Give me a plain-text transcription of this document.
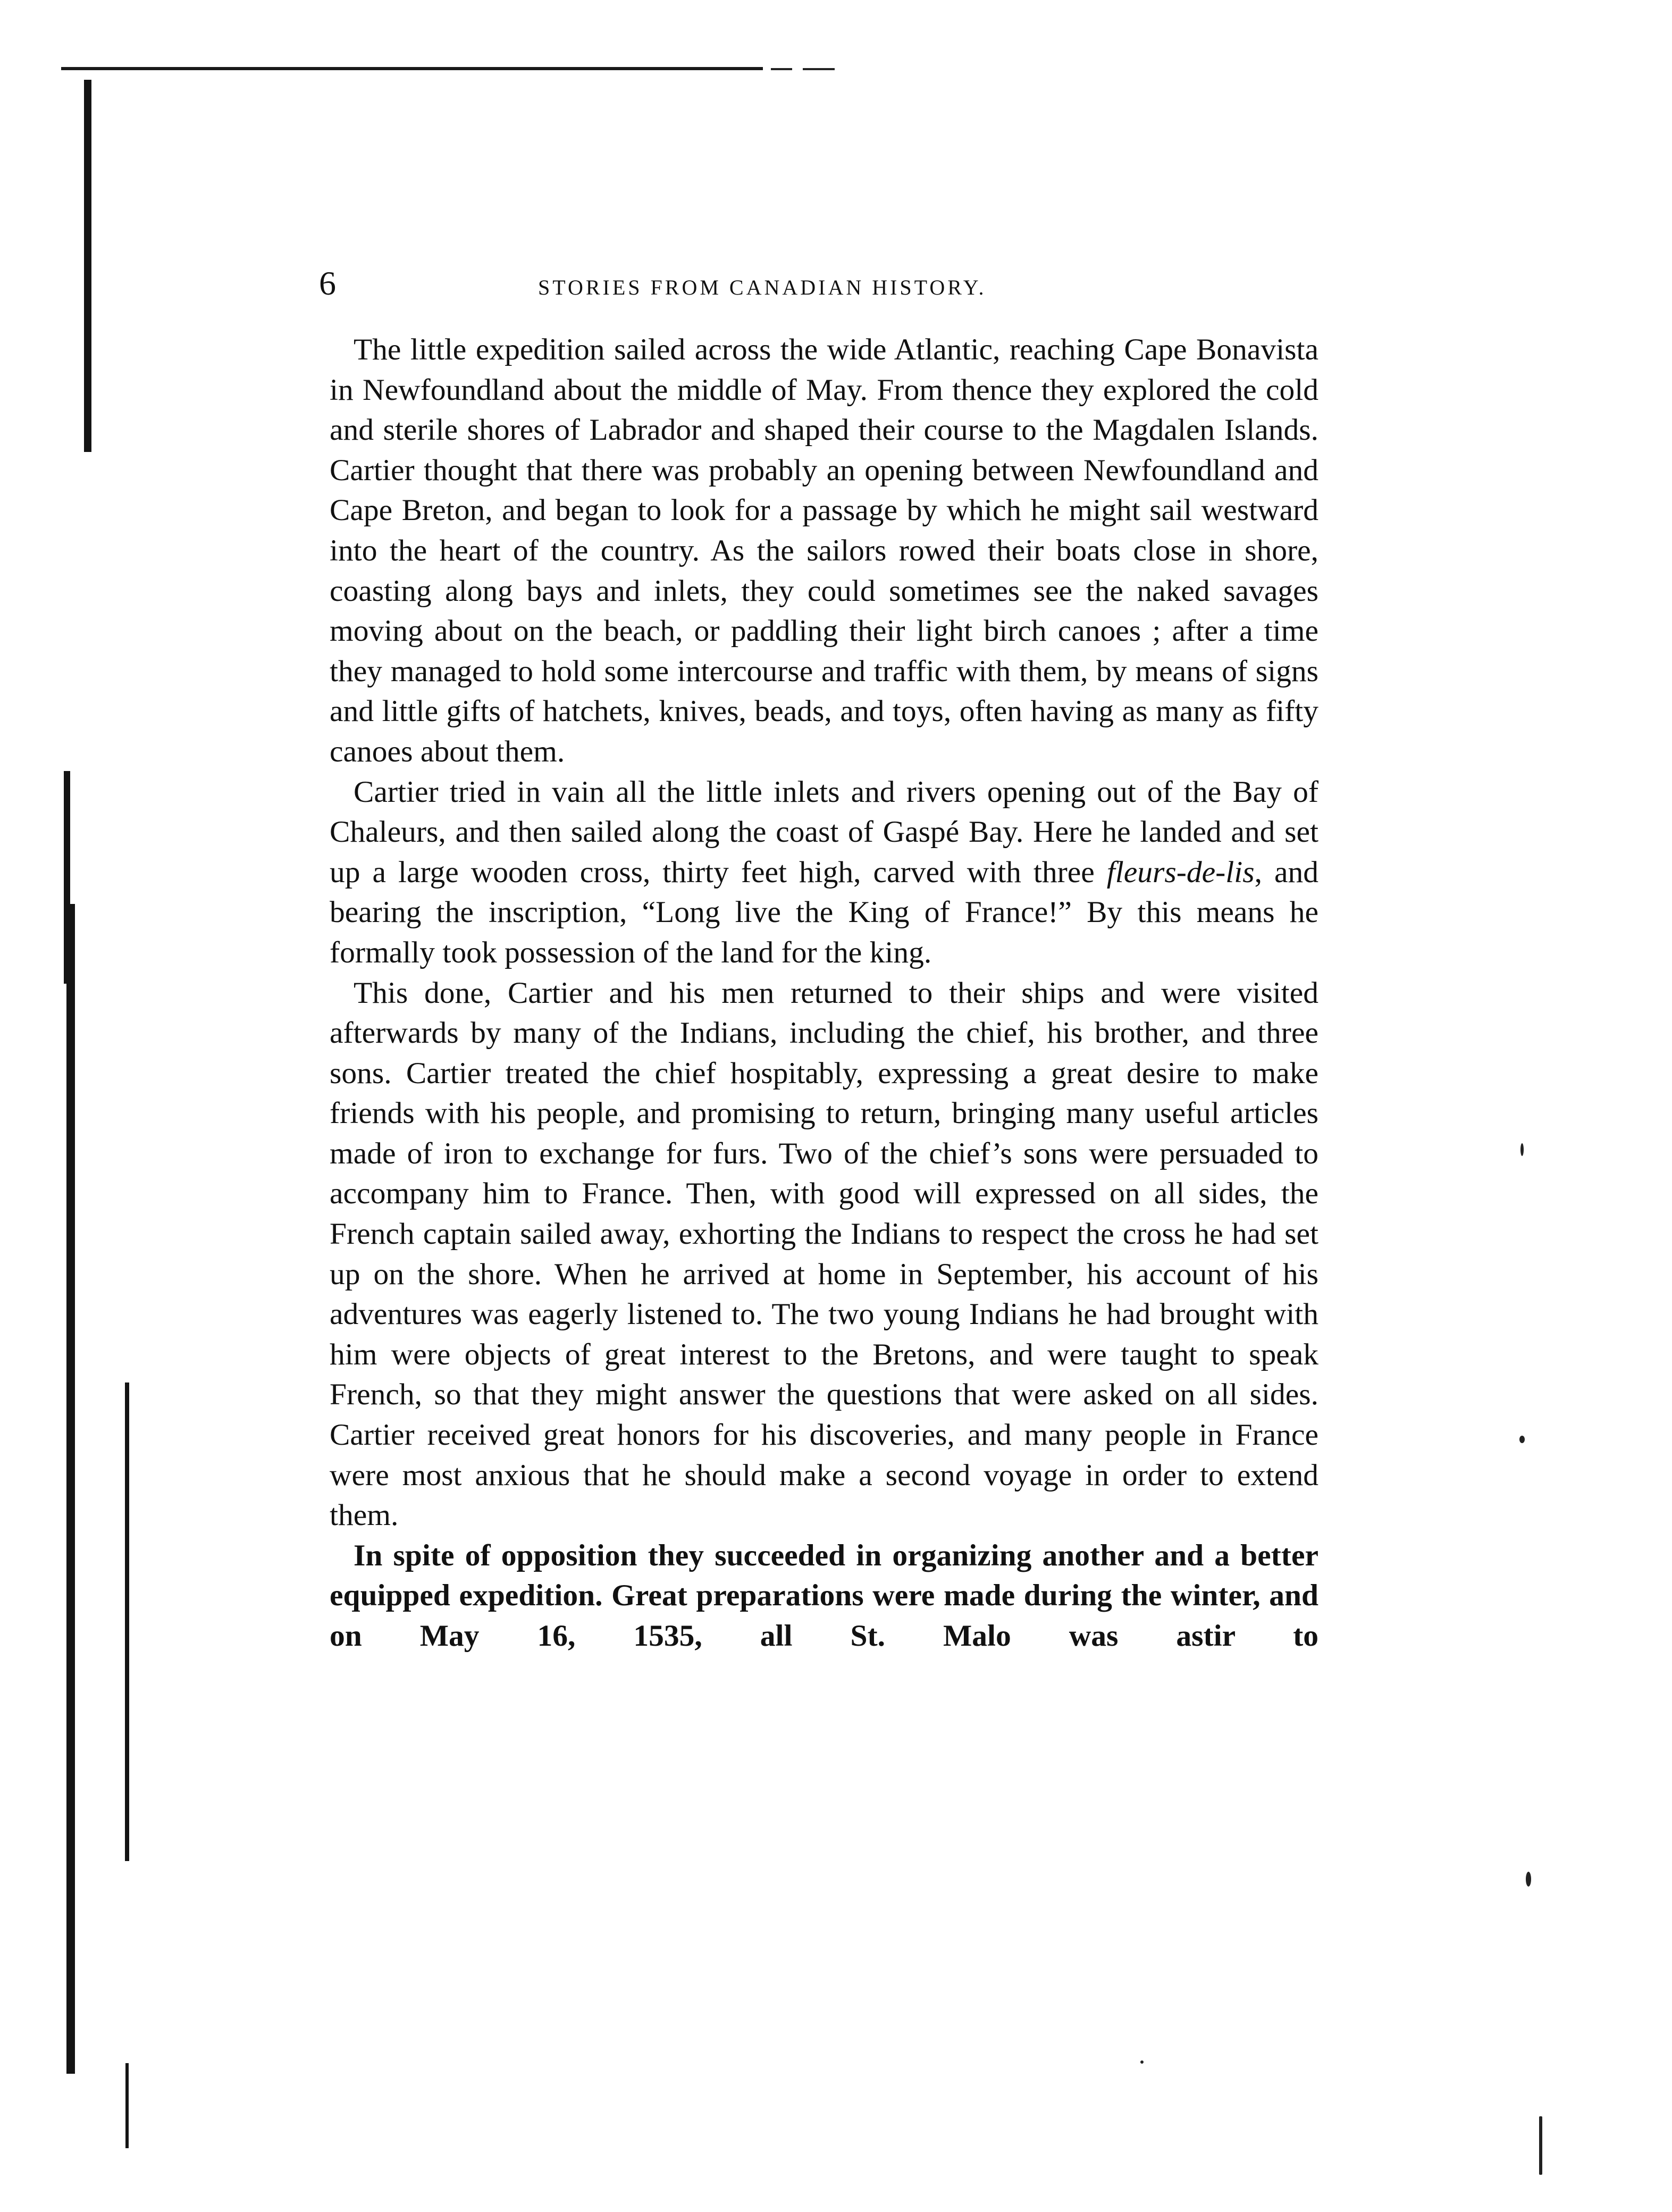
6	STORIES FROM CANADIAN HISTORY.

The little expedition sailed across the wide Atlantic, reaching Cape Bonavista in Newfoundland about the middle of May. From thence they explored the cold and sterile shores of Labrador and shaped their course to the Magdalen Islands. Cartier thought that there was probably an opening between Newfoundland and Cape Breton, and began to look for a passage by which he might sail westward into the heart of the country. As the sailors rowed their boats close in shore, coasting along bays and inlets, they could sometimes see the naked savages moving about on the beach, or paddling their light birch canoes ; after a time they managed to hold some intercourse and traffic with them, by means of signs and little gifts of hatchets, knives, beads, and toys, often having as many as fifty canoes about them.

Cartier tried in vain all the little inlets and rivers opening out of the Bay of Chaleurs, and then sailed along the coast of Gaspé Bay. Here he landed and set up a large wooden cross, thirty feet high, carved with three fleurs-de-lis, and bearing the inscription, “Long live the King of France!” By this means he formally took possession of the land for the king.

This done, Cartier and his men returned to their ships and were visited afterwards by many of the Indians, including the chief, his brother, and three sons. Cartier treated the chief hospitably, expressing a great desire to make friends with his people, and promising to return, bringing many useful articles made of iron to exchange for furs. Two of the chief’s sons were persuaded to accompany him to France. Then, with good will expressed on all sides, the French captain sailed away, exhorting the Indians to respect the cross he had set up on the shore. When he arrived at home in September, his account of his adventures was eagerly listened to. The two young Indians he had brought with him were objects of great interest to the Bretons, and were taught to speak French, so that they might answer the questions that were asked on all sides. Cartier received great honors for his discoveries, and many people in France were most anxious that he should make a second voyage in order to extend them.

In spite of opposition they succeeded in organizing another and a better equipped expedition. Great preparations were made during the winter, and on May 16, 1535, all St. Malo was astir to
